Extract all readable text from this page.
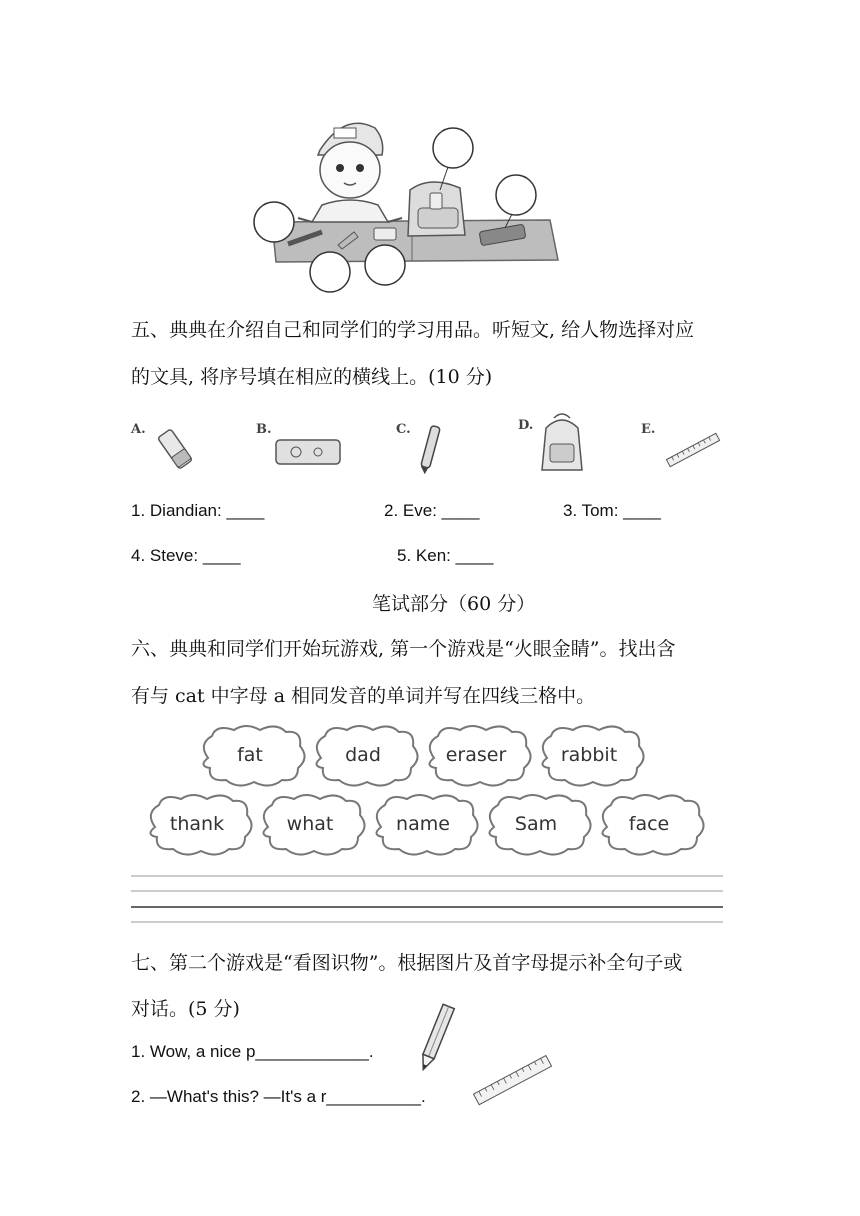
五、典典在介绍自己和同学们的学习用品。听短文, 给人物选择对应
的文具, 将序号填在相应的横线上。(10 分)
A.	B.	C.	D.	E.
1. Diandian: ____	2. Eve: ____	3. Tom: ____
4. Steve: ____	5. Ken: ____
笔试部分（60 分）
六、典典和同学们开始玩游戏, 第一个游戏是“火眼金睛”。找出含
有与 cat 中字母 a 相同发音的单词并写在四线三格中。
fat	dad	eraser	rabbit
thank	what	name	Sam	face
七、第二个游戏是“看图识物”。根据图片及首字母提示补全句子或
对话。(5 分)
1. Wow, a nice p____________.
2. —What's this? —It's a r__________.
